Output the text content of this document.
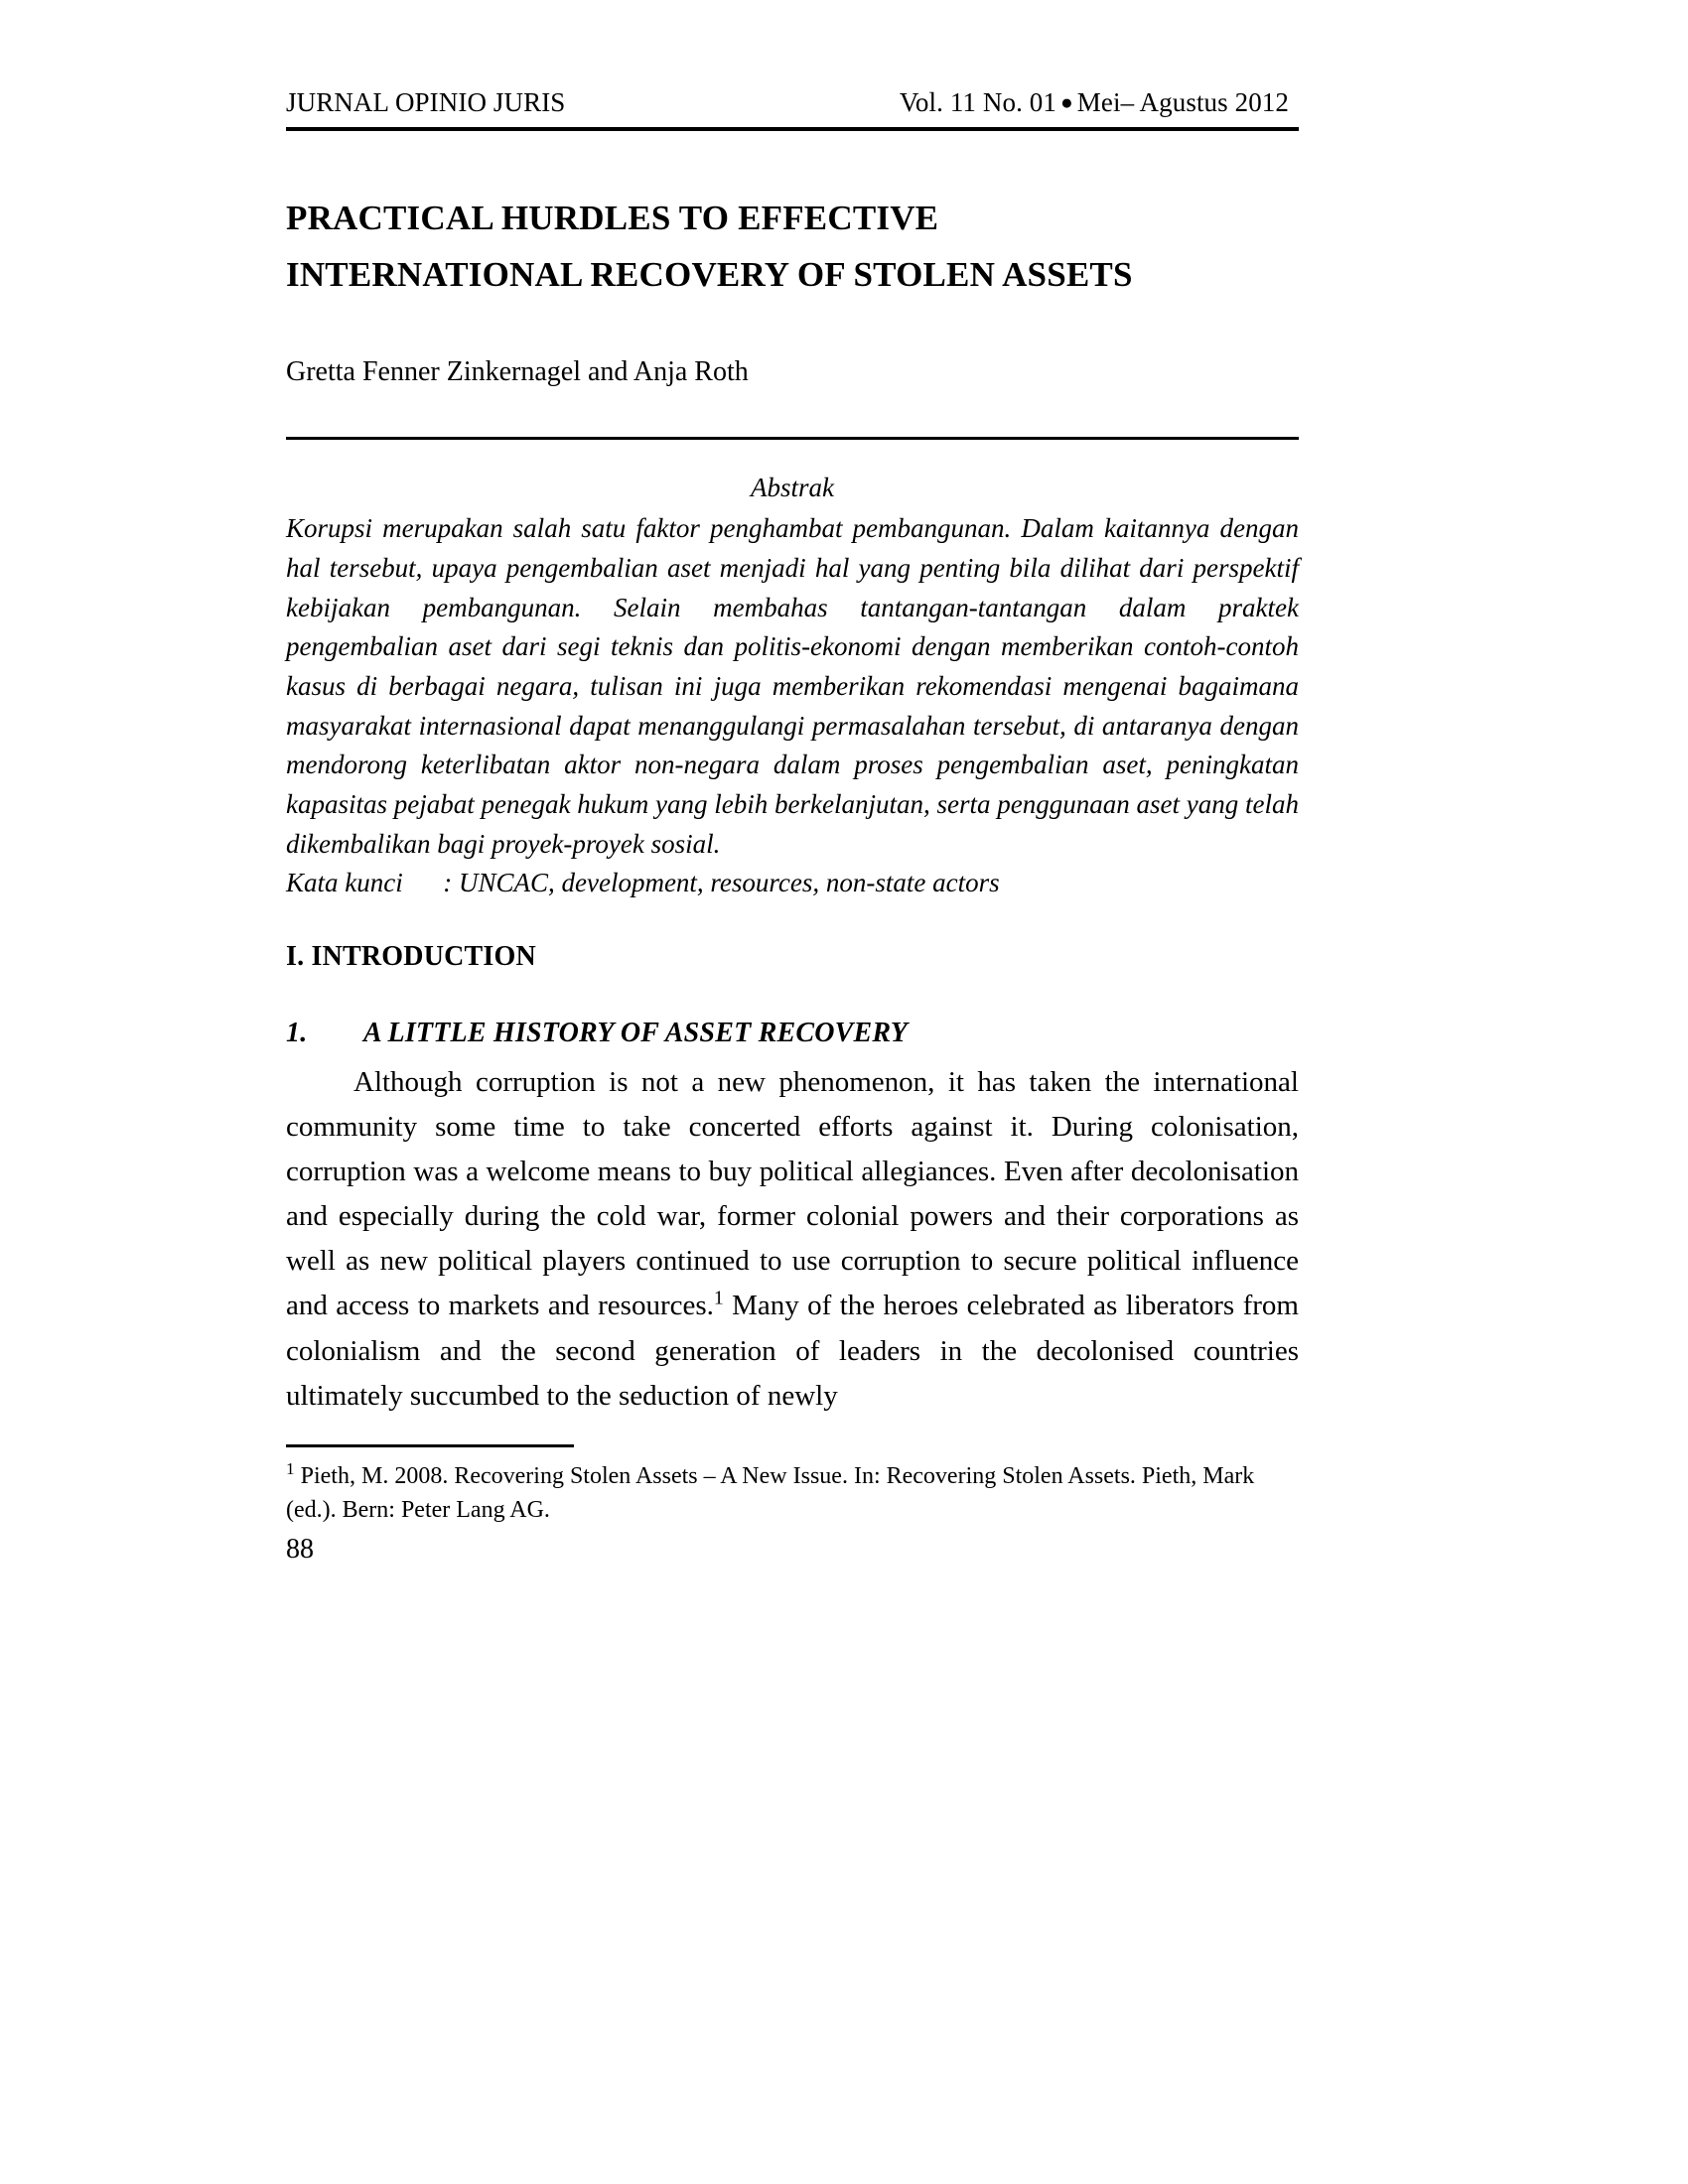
JURNAL OPINIO JURIS	Vol. 11 No. 01 ● Mei– Agustus 2012
PRACTICAL HURDLES TO EFFECTIVE
INTERNATIONAL RECOVERY OF STOLEN ASSETS
Gretta Fenner Zinkernagel and Anja Roth
Abstrak

Korupsi merupakan salah satu faktor penghambat pembangunan. Dalam kaitannya dengan hal tersebut, upaya pengembalian aset menjadi hal yang penting bila dilihat dari perspektif kebijakan pembangunan. Selain membahas tantangan-tantangan dalam praktek pengembalian aset dari segi teknis dan politis-ekonomi dengan memberikan contoh-contoh kasus di berbagai negara, tulisan ini juga memberikan rekomendasi mengenai bagaimana masyarakat internasional dapat menanggulangi permasalahan tersebut, di antaranya dengan mendorong keterlibatan aktor non-negara dalam proses pengembalian aset, peningkatan kapasitas pejabat penegak hukum yang lebih berkelanjutan, serta penggunaan aset yang telah dikembalikan bagi proyek-proyek sosial.

Kata kunci      : UNCAC, development, resources, non-state actors

I. INTRODUCTION
1.	A LITTLE HISTORY OF ASSET RECOVERY

Although corruption is not a new phenomenon, it has taken the international community some time to take concerted efforts against it. During colonisation, corruption was a welcome means to buy political allegiances. Even after decolonisation and especially during the cold war, former colonial powers and their corporations as well as new political players continued to use corruption to secure political influence and access to markets and resources.$^1$ Many of the heroes celebrated as liberators from colonialism and the second generation of leaders in the decolonised countries ultimately succumbed to the seduction of newly

$^1$ Pieth, M. 2008. Recovering Stolen Assets – A New Issue. In: Recovering Stolen Assets. Pieth, Mark (ed.). Bern: Peter Lang AG.

88
